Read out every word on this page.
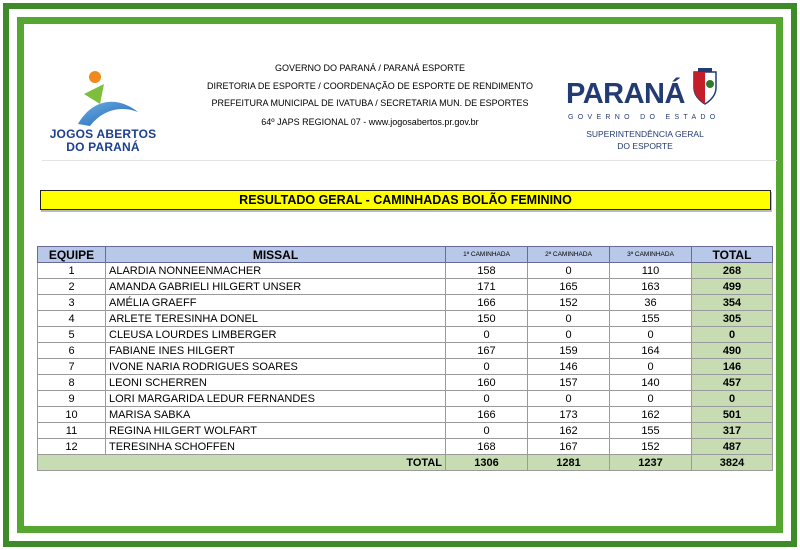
JOGOS ABERTOS
DO PARANÁ
GOVERNO DO PARANÁ / PARANÁ ESPORTE
DIRETORIA DE ESPORTE / COORDENAÇÃO DE ESPORTE DE RENDIMENTO
PREFEITURA MUNICIPAL DE IVATUBA / SECRETARIA MUN. DE ESPORTES
64º JAPS REGIONAL 07 - www.jogosabertos.pr.gov.br
PARANÁ
GOVERNO DO ESTADO
SUPERINTENDÊNCIA GERAL
DO ESPORTE
RESULTADO GERAL - CAMINHADAS BOLÃO FEMININO
EQUIPE	MISSAL	1ª CAMINHADA	2ª CAMINHADA	3ª CAMINHADA	TOTAL
1	ALARDIA NONNEENMACHER	158	0	110	268
2	AMANDA GABRIELI HILGERT UNSER	171	165	163	499
3	AMÉLIA GRAEFF	166	152	36	354
4	ARLETE TERESINHA DONEL	150	0	155	305
5	CLEUSA LOURDES LIMBERGER	0	0	0	0
6	FABIANE INES HILGERT	167	159	164	490
7	IVONE NARIA RODRIGUES SOARES	0	146	0	146
8	LEONI SCHERREN	160	157	140	457
9	LORI MARGARIDA LEDUR FERNANDES	0	0	0	0
10	MARISA SABKA	166	173	162	501
11	REGINA HILGERT WOLFART	0	162	155	317
12	TERESINHA SCHOFFEN	168	167	152	487
TOTAL		1306	1281	1237	3824
